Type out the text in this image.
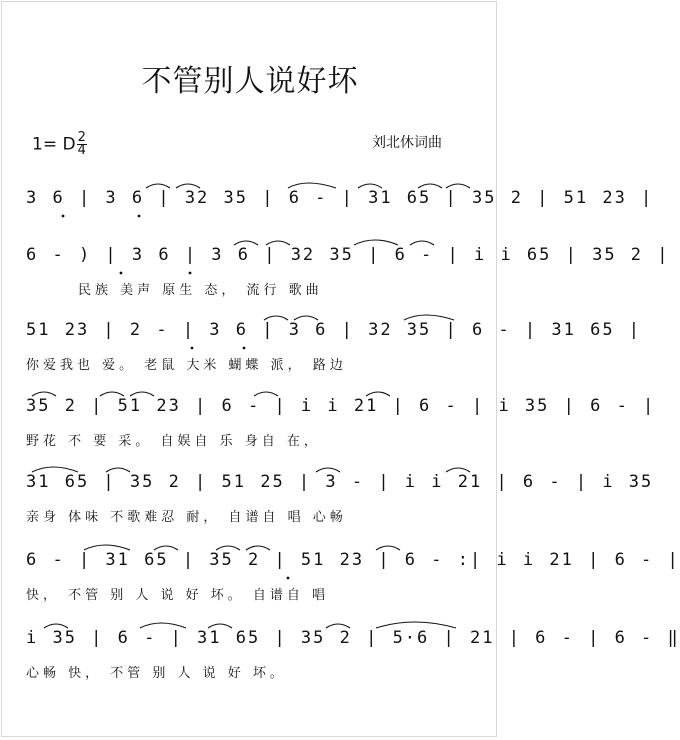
不管别人说好坏
1= D $\frac{2}{4}$	刘北休词曲
3 6 | 3 6 | 32 35 | 6 - | 31 65 | 35 2 | 51 23 |
6 - ) | 3 6 | 3 6 | 32 35 | 6 - | i i 65 | 35 2 |
民族 美声 原生 态， 流行 歌曲
51 23 | 2 - | 3 6 | 3 6 | 32 35 | 6 - | 31 65 |
你爱我也 爱。 老鼠 大米 蝴蝶 派， 路边
35 2 | 51 23 | 6 - | i i 21 | 6 - | i 35 | 6 - |
野花 不 要 采。 自娱自 乐 身自 在，
31 65 | 35 2 | 51 25 | 3 - | i i 21 | 6 - | i 35
亲身 体味 不歌难忍 耐， 自谱自 唱 心畅
6 - | 31 65 | 35 2 | 51 23 | 6 - :| i i 21 | 6 - |
快， 不管 别 人 说 好 坏。 自谱自 唱
i 35 | 6 - | 31 65 | 35 2 | 5·6 | 21 | 6 - | 6 - ‖
心畅 快， 不管 别 人 说 好 坏。
